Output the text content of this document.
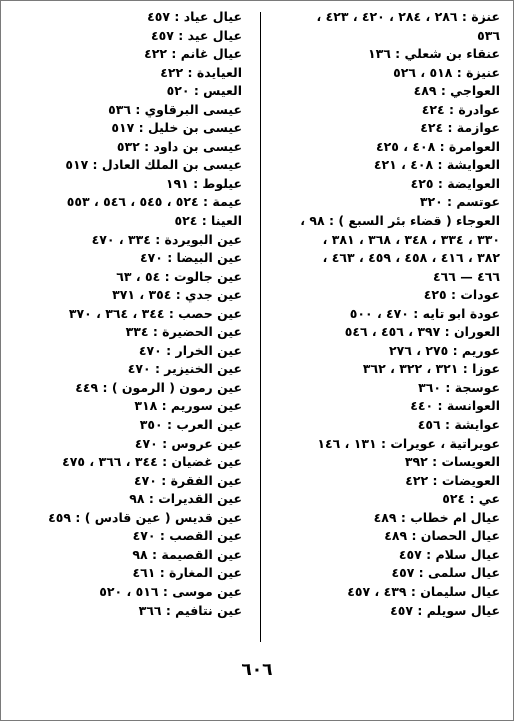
عنزة : ٢٨٦ ، ٢٨٤ ، ٤٢٠ ، ٤٢٣ ،
٥٣٦
عنقاء بن شعلي : ١٣٦
عنيزة : ٥١٨ ، ٥٢٦
العواجي : ٤٨٩
عوادرة : ٤٢٤
عوازمة : ٤٢٤
العوامرة : ٤٠٨ ، ٤٢٥
العوايشة : ٤٠٨ ، ٤٢١
العوايضة : ٤٢٥
عوتسم : ٣٢٠
العوجاء ( قضاء بئر السبع ) : ٩٨ ،
٣٣٠ ، ٣٣٤ ، ٣٤٨ ، ٣٦٨ ، ٣٨١ ،
٣٨٢ ، ٤١٦ ، ٤٥٨ ، ٤٥٩ ، ٤٦٣ ،
٤٦٦ — ٤٦٦
عودات : ٤٢٥
عودة ابو تايه : ٤٧٠ ، ٥٠٠
العوران : ٣٩٧ ، ٤٥٦ ، ٥٤٦
عوريم : ٢٧٥ ، ٢٧٦
عوزا : ٣٢١ ، ٣٢٢ ، ٣٦٢
عوسجة : ٣٦٠
العوانسة : ٤٤٠
عوايشة : ٤٥٦
عويراتية ، عويرات : ١٣١ ، ١٤٦
العويسات : ٣٩٢
العويضات : ٤٢٢
عي : ٥٢٤
عيال ام خطاب : ٤٨٩
عيال الحصان : ٤٨٩
عيال سلام : ٤٥٧
عيال سلمى : ٤٥٧
عيال سليمان : ٤٣٩ ، ٤٥٧
عيال سويلم : ٤٥٧
عيال عياد : ٤٥٧
عيال عيد : ٤٥٧
عيال غانم : ٤٢٢
العيايدة : ٤٢٢
العيس : ٥٢٠
عيسى البرقاوي : ٥٣٦
عيسى بن خليل : ٥١٧
عيسى بن داود : ٥٣٢
عيسى بن الملك العادل : ٥١٧
عيلوط : ١٩١
عيمة : ٥٢٤ ، ٥٤٥ ، ٥٤٦ ، ٥٥٣
العينا : ٥٢٤
عين البويردة : ٣٣٤ ، ٤٧٠
عين البيضا : ٤٧٠
عين جالوت : ٥٤ ، ٦٣
عين جدي : ٣٥٤ ، ٣٧١
عين حصب : ٣٤٤ ، ٣٦٤ ، ٣٧٠
عين الحضيرة : ٣٣٤
عين الخرار : ٤٧٠
عين الخنيزير : ٤٧٠
عين رمون ( الرمون ) : ٤٤٩
عين سوريم : ٣١٨
عين العرب : ٣٥٠
عين عروس : ٤٧٠
عين غضيان : ٣٤٤ ، ٣٦٦ ، ٤٧٥
عين الفقرة : ٤٧٠
عين القديرات : ٩٨
عين قديس ( عين قادس ) : ٤٥٩
عين القصب : ٤٧٠
عين القصيمة : ٩٨
عين المغارة : ٤٦١
عين موسى : ٥١٦ ، ٥٢٠
عين نتافيم : ٣٦٦
٦٠٦
